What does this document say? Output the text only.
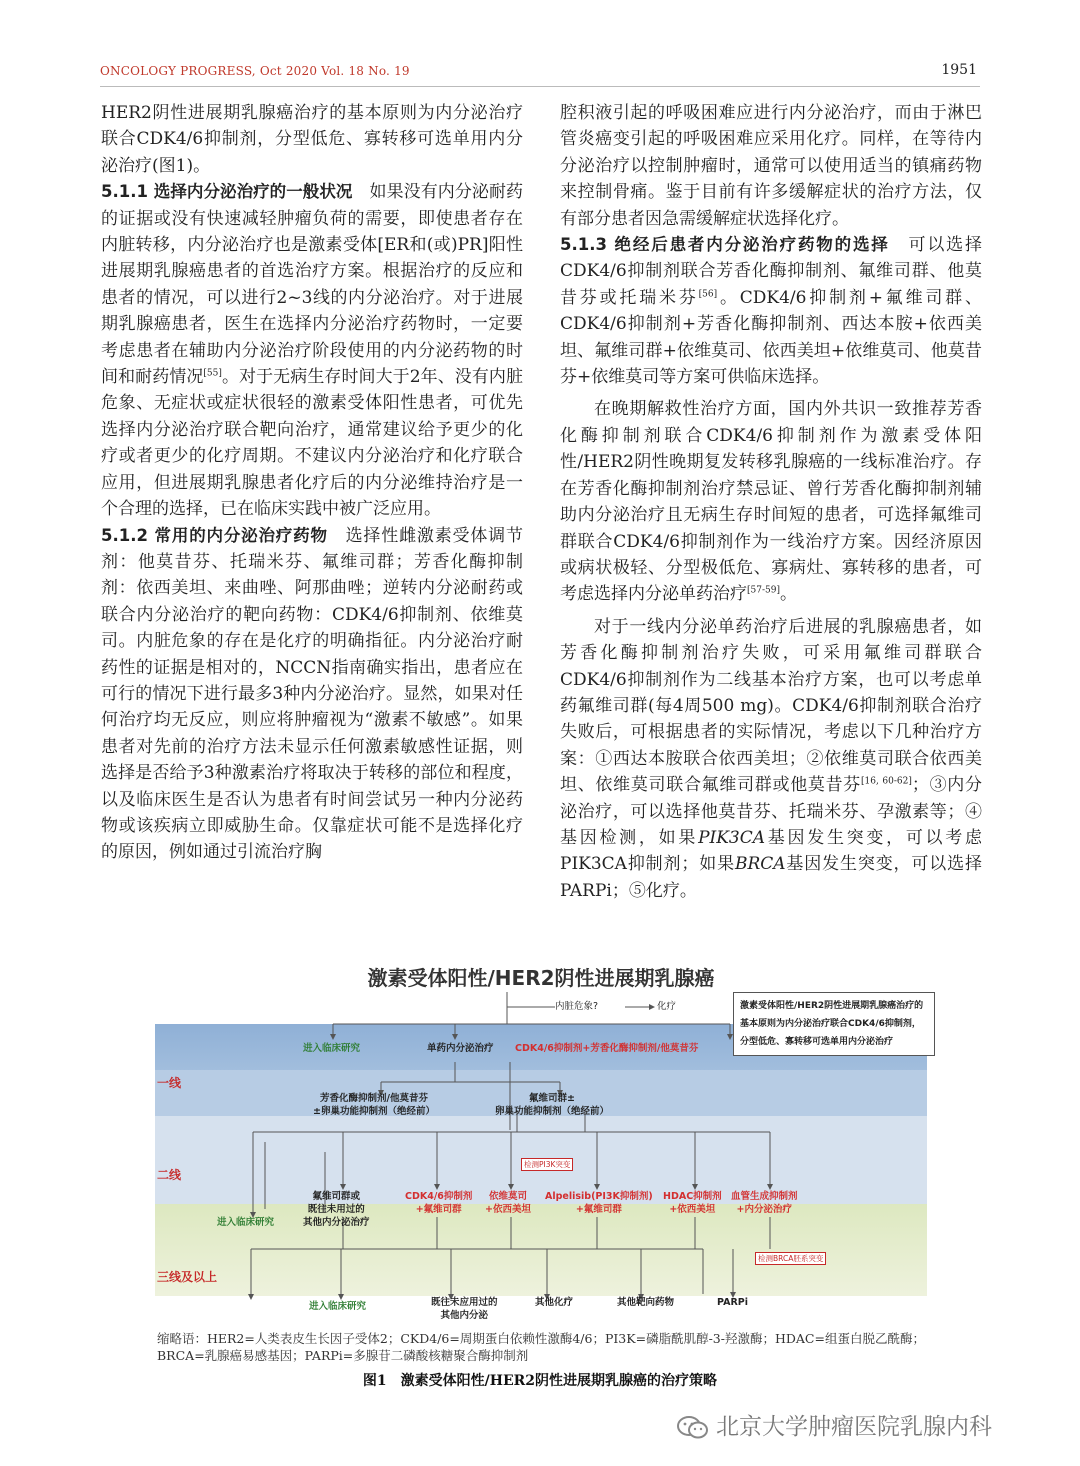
ONCOLOGY PROGRESS, Oct 2020 Vol. 18 No. 19	1951

HER2阴性进展期乳腺癌治疗的基本原则为内分泌治疗联合CDK4/6抑制剂，分型低危、寡转移可选单用内分泌治疗(图1)。

5.1.1 选择内分泌治疗的一般状况　 如果没有内分泌耐药的证据或没有快速减轻肿瘤负荷的需要，即使患者存在内脏转移，内分泌治疗也是激素受体[ER和(或)PR]阳性进展期乳腺癌患者的首选治疗方案。根据治疗的反应和患者的情况，可以进行2~3线的内分泌治疗。对于进展期乳腺癌患者，医生在选择内分泌治疗药物时，一定要考虑患者在辅助内分泌治疗阶段使用的内分泌药物的时间和耐药情况[55]。对于无病生存时间大于2年、没有内脏危象、无症状或症状很轻的激素受体阳性患者，可优先选择内分泌治疗联合靶向治疗，通常建议给予更少的化疗或者更少的化疗周期。不建议内分泌治疗和化疗联合应用，但进展期乳腺患者化疗后的内分泌维持治疗是一个合理的选择，已在临床实践中被广泛应用。

5.1.2 常用的内分泌治疗药物　 选择性雌激素受体调节剂：他莫昔芬、托瑞米芬、氟维司群；芳香化酶抑制剂：依西美坦、来曲唑、阿那曲唑；逆转内分泌耐药或联合内分泌治疗的靶向药物：CDK4/6抑制剂、依维莫司。内脏危象的存在是化疗的明确指征。内分泌治疗耐药性的证据是相对的，NCCN指南确实指出，患者应在可行的情况下进行最多3种内分泌治疗。显然，如果对任何治疗均无反应，则应将肿瘤视为“激素不敏感”。如果患者对先前的治疗方法未显示任何激素敏感性证据，则选择是否给予3种激素治疗将取决于转移的部位和程度，以及临床医生是否认为患者有时间尝试另一种内分泌药物或该疾病立即威胁生命。仅靠症状可能不是选择化疗的原因，例如通过引流治疗胸

腔积液引起的呼吸困难应进行内分泌治疗，而由于淋巴管炎癌变引起的呼吸困难应采用化疗。同样，在等待内分泌治疗以控制肿瘤时，通常可以使用适当的镇痛药物来控制骨痛。鉴于目前有许多缓解症状的治疗方法，仅有部分患者因急需缓解症状选择化疗。

5.1.3 绝经后患者内分泌治疗药物的选择　 可以选择CDK4/6抑制剂联合芳香化酶抑制剂、氟维司群、他莫昔芬或托瑞米芬[56]。CDK4/6抑制剂+氟维司群、CDK4/6抑制剂+芳香化酶抑制剂、西达本胺+依西美坦、氟维司群+依维莫司、依西美坦+依维莫司、他莫昔芬+依维莫司等方案可供临床选择。

在晚期解救性治疗方面，国内外共识一致推荐芳香化酶抑制剂联合CDK4/6抑制剂作为激素受体阳性/HER2阴性晚期复发转移乳腺癌的一线标准治疗。存在芳香化酶抑制剂治疗禁忌证、曾行芳香化酶抑制剂辅助内分泌治疗且无病生存时间短的患者，可选择氟维司群联合CDK4/6抑制剂作为一线治疗方案。因经济原因或病状极轻、分型极低危、寡病灶、寡转移的患者，可考虑选择内分泌单药治疗[57-59]。

对于一线内分泌单药治疗后进展的乳腺癌患者，如芳香化酶抑制剂治疗失败，可采用氟维司群联合CDK4/6抑制剂作为二线基本治疗方案，也可以考虑单药氟维司群(每4周500 mg)。CDK4/6抑制剂联合治疗失败后，可根据患者的实际情况，考虑以下几种治疗方案：①西达本胺联合依西美坦；②依维莫司联合依西美坦、依维莫司联合氟维司群或他莫昔芬[16, 60-62]；③内分泌治疗，可以选择他莫昔芬、托瑞米芬、孕激素等；④基因检测，如果PIK3CA基因发生突变，可以考虑PIK3CA抑制剂；如果BRCA基因发生突变，可以选择PARPi；⑤化疗。

激素受体阳性/HER2阴性进展期乳腺癌
激素受体阳性/HER2阴性进展期乳腺癌治疗的基本原则为内分泌治疗联合CDK4/6抑制剂，分型低危、寡转移可选单用内分泌治疗
内脏危象?	化疗
一线
二线
三线及以上
进入临床研究	单药内分泌治疗 CDK4/6抑制剂+芳香化酶抑制剂/他莫昔芬
芳香化酶抑制剂/他莫昔芬
±卵巢功能抑制剂（绝经前）
氟维司群±
卵巢功能抑制剂（绝经前）
检测PI3K突变
进入临床研究
氟维司群或
既往未用过的
其他内分泌治疗
CDK4/6抑制剂
+氟维司群
依维莫司
+依西美坦
Alpelisib(PI3K抑制剂)
+氟维司群
HDAC抑制剂
+依西美坦
血管生成抑制剂
+内分泌治疗
检测BRCA胚系突变
进入临床研究	既往未应用过的
其他内分泌
其他化疗	其他靶向药物	PARPi
缩略语：HER2=人类表皮生长因子受体2；CKD4/6=周期蛋白依赖性激酶4/6；PI3K=磷脂酰肌醇-3-羟激酶；HDAC=组蛋白脱乙酰酶；BRCA=乳腺癌易感基因；PARPi=多腺苷二磷酸核糖聚合酶抑制剂
图1　激素受体阳性/HER2阴性进展期乳腺癌的治疗策略
北京大学肿瘤医院乳腺内科
